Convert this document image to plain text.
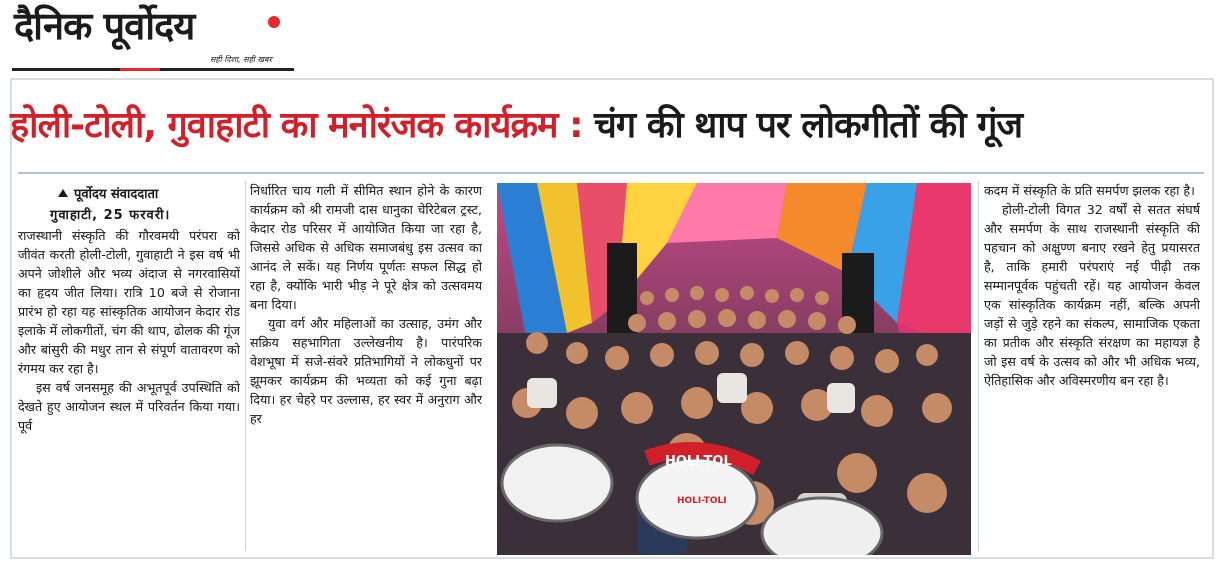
दैनिक पूर्वोदय
सही दिशा, सही खबर
होली-टोली, गुवाहाटी का मनोरंजक कार्यक्रम : चंग की थाप पर लोकगीतों की गूंज
पूर्वोदय संवाददाता
गुवाहाटी, 25 फरवरी।

राजस्थानी संस्कृति की गौरवमयी परंपरा को जीवंत करती होली-टोली, गुवाहाटी ने इस वर्ष भी अपने जोशीले और भव्य अंदाज से नगरवासियों का हृदय जीत लिया। रात्रि 10 बजे से रोजाना प्रारंभ हो रहा यह सांस्कृतिक आयोजन केदार रोड इलाके में लोकगीतों, चंग की थाप, ढोलक की गूंज और बांसुरी की मधुर तान से संपूर्ण वातावरण को रंगमय कर रहा है।

इस वर्ष जनसमूह की अभूतपूर्व उपस्थिति को देखते हुए आयोजन स्थल में परिवर्तन किया गया। पूर्व

निर्धारित चाय गली में सीमित स्थान होने के कारण कार्यक्रम को श्री रामजी दास धानुका चेरिटेबल ट्रस्ट, केदार रोड परिसर में आयोजित किया जा रहा है, जिससे अधिक से अधिक समाजबंधु इस उत्सव का आनंद ले सकें। यह निर्णय पूर्णतः सफल सिद्ध हो रहा है, क्योंकि भारी भीड़ ने पूरे क्षेत्र को उत्सवमय बना दिया।

युवा वर्ग और महिलाओं का उत्साह, उमंग और सक्रिय सहभागिता उल्लेखनीय है। पारंपरिक वेशभूषा में सजे-संवरे प्रतिभागियों ने लोकधुनों पर झूमकर कार्यक्रम की भव्यता को कई गुना बढ़ा दिया। हर चेहरे पर उल्लास, हर स्वर में अनुराग और हर

HOLI-TOL
HOLI-TOLI

कदम में संस्कृति के प्रति समर्पण झलक रहा है।

होली-टोली विगत 32 वर्षों से सतत संघर्ष और समर्पण के साथ राजस्थानी संस्कृति की पहचान को अक्षुण्ण बनाए रखने हेतु प्रयासरत है, ताकि हमारी परंपराएं नई पीढ़ी तक सम्मानपूर्वक पहुंचती रहें। यह आयोजन केवल एक सांस्कृतिक कार्यक्रम नहीं, बल्कि अपनी जड़ों से जुड़े रहने का संकल्प, सामाजिक एकता का प्रतीक और संस्कृति संरक्षण का महायज्ञ है जो इस वर्ष के उत्सव को और भी अधिक भव्य, ऐतिहासिक और अविस्मरणीय बन रहा है।
